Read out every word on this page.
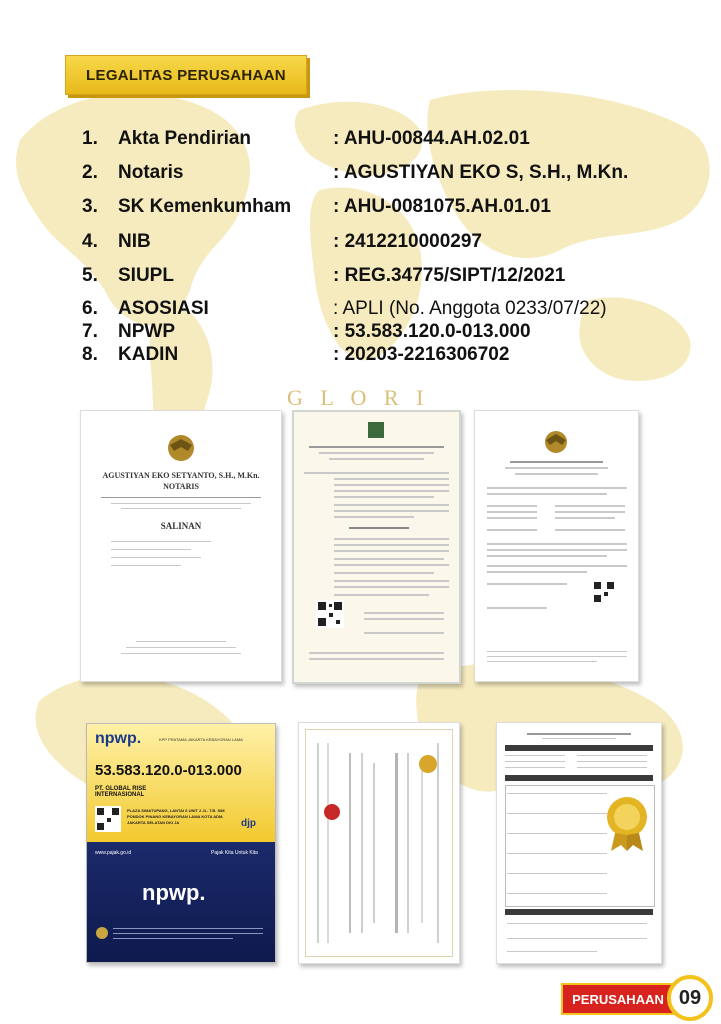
LEGALITAS PERUSAHAAN
1. Akta Pendirian	: AHU-00844.AH.02.01
2. Notaris	: AGUSTIYAN EKO S, S.H., M.Kn.
3. SK Kemenkumham : AHU-0081075.AH.01.01
4. NIB	: 2412210000297
5. SIUPL	: REG.34775/SIPT/12/2021
6. ASOSIASI	: APLI (No. Anggota 0233/07/22)
7. NPWP	: 53.583.120.0-013.000
8. KADIN	: 20203-2216306702
G L O R I
AGUSTIYAN EKO SETYANTO, S.H., M.Kn.
NOTARIS
SALINAN
npwp.	KPP PRATAMA JAKARTA KEBAYORAN LAMA
53.583.120.0-013.000
PT. GLOBAL RISE INTERNASIONAL
PLAZA SIMATUPANG, LANTAI 6 UNIT 2 JL. T.B. SIM PONDOK PINANG KEBAYORAN LAMA KOTA ADM. JAKARTA SELATAN DKI JA	djp
www.pajak.go.id	Pajak Kita Untuk Kita
npwp.
PERUSAHAAN 09
